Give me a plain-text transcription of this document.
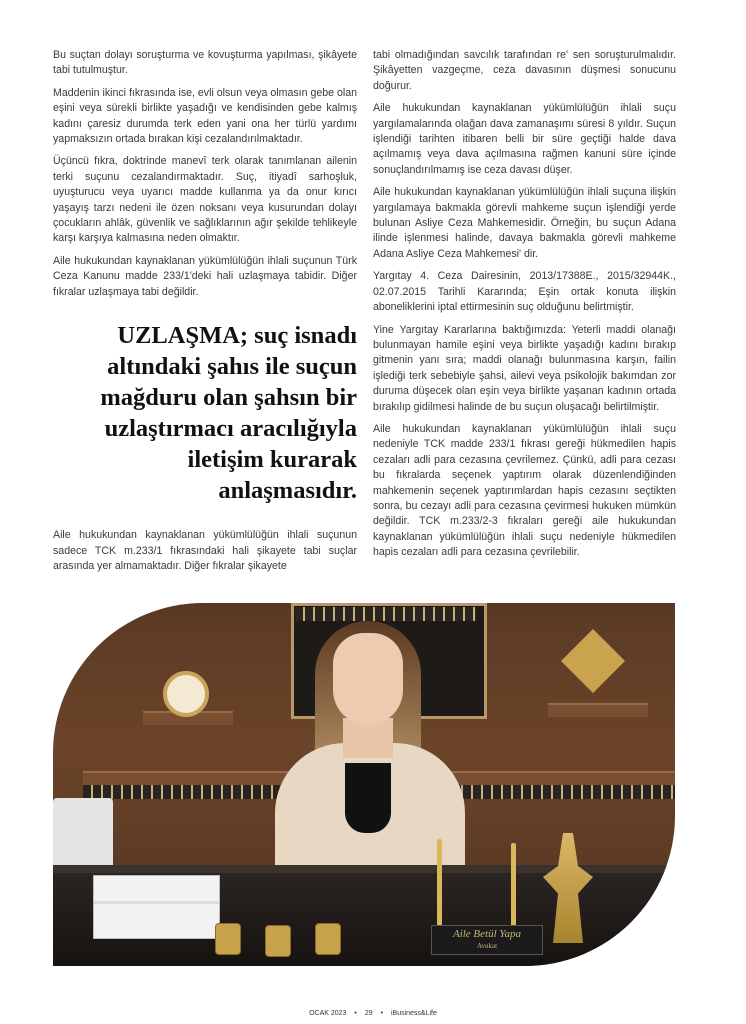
Bu suçtan dolayı soruşturma ve kovuşturma yapılması, şikâyete tabi tutulmuştur.

Maddenin ikinci fıkrasında ise, evli olsun veya olmasın gebe olan eşini veya sürekli birlikte yaşadığı ve kendisinden gebe kalmış kadını çaresiz durumda terk eden yani ona her türlü yardımı yapmaksızın ortada bırakan kişi cezalandırılmaktadır.

Üçüncü fıkra, doktrinde manevî terk olarak tanımlanan ailenin terki suçunu cezalandırmaktadır. Suç, itiyadî sarhoşluk, uyuşturucu veya uyarıcı madde kullanma ya da onur kırıcı yaşayış tarzı nedeni ile özen noksanı veya kusurundan dolayı çocukların ahlâk, güvenlik ve sağlıklarının ağır şekilde tehlikeyle karşı karşıya kalmasına neden olmaktır.

Aile hukukundan kaynaklanan yükümlülüğün ihlali suçunun Türk Ceza Kanunu madde 233/1'deki hali uzlaşmaya tabidir. Diğer fıkralar uzlaşmaya tabi değildir.

UZLAŞMA; suç isnadı altındaki şahıs ile suçun mağduru olan şahsın bir uzlaştırmacı aracılığıyla iletişim kurarak anlaşmasıdır.

Aile hukukundan kaynaklanan yükümlülüğün ihlali suçunun sadece TCK m.233/1 fıkrasındaki hali şikayete tabi suçlar arasında yer almamaktadır. Diğer fıkralar şikayete

tabi olmadığından savcılık tarafından re' sen soruşturulmalıdır. Şikâyetten vazgeçme, ceza davasının düşmesi sonucunu doğurur.

Aile hukukundan kaynaklanan yükümlülüğün ihlali suçu yargılamalarında olağan dava zamanaşımı süresi 8 yıldır. Suçun işlendiği tarihten itibaren belli bir süre geçtiği halde dava açılmamış veya dava açılmasına rağmen kanuni süre içinde sonuçlandırılmamış ise ceza davası düşer.

Aile hukukundan kaynaklanan yükümlülüğün ihlali suçuna ilişkin yargılamaya bakmakla görevli mahkeme suçun işlendiği yerde bulunan Asliye Ceza Mahkemesidir. Örneğin, bu suçun Adana ilinde işlenmesi halinde, davaya bakmakla görevli mahkeme Adana Asliye Ceza Mahkemesi' dir.

Yargıtay 4. Ceza Dairesinin, 2013/17388E., 2015/32944K., 02.07.2015 Tarihli Kararında; Eşin ortak konuta ilişkin aboneliklerini iptal ettirmesinin suç olduğunu belirtmiştir.

Yine Yargıtay Kararlarına baktığımızda: Yeterli maddi olanağı bulunmayan hamile eşini veya birlikte yaşadığı kadını bırakıp gitmenin yanı sıra; maddi olanağı bulunmasına karşın, failin işlediği terk sebebiyle şahsi, ailevi veya psikolojik bakımdan zor duruma düşecek olan eşin veya birlikte yaşanan kadının ortada bırakılıp gidilmesi halinde de bu suçun oluşacağı belirtilmiştir.

Aile hukukundan kaynaklanan yükümlülüğün ihlali suçu nedeniyle TCK madde 233/1 fıkrası gereği hükmedilen hapis cezaları adli para cezasına çevrilemez. Çünkü, adli para cezası bu fıkralarda seçenek yaptırım olarak düzenlendiğinden mahkemenin seçenek yaptırımlardan hapis cezasını seçtikten sonra, bu cezayı adli para cezasına çevirmesi hukuken mümkün değildir. TCK m.233/2-3 fıkraları gereği aile hukukundan kaynaklanan yükümlülüğün ihlali suçu nedeniyle hükmedilen hapis cezaları adli para cezasına çevrilebilir.

Aile Betül Yapa
Avukat
OCAK 2023 • 29 • iBusiness&Life
